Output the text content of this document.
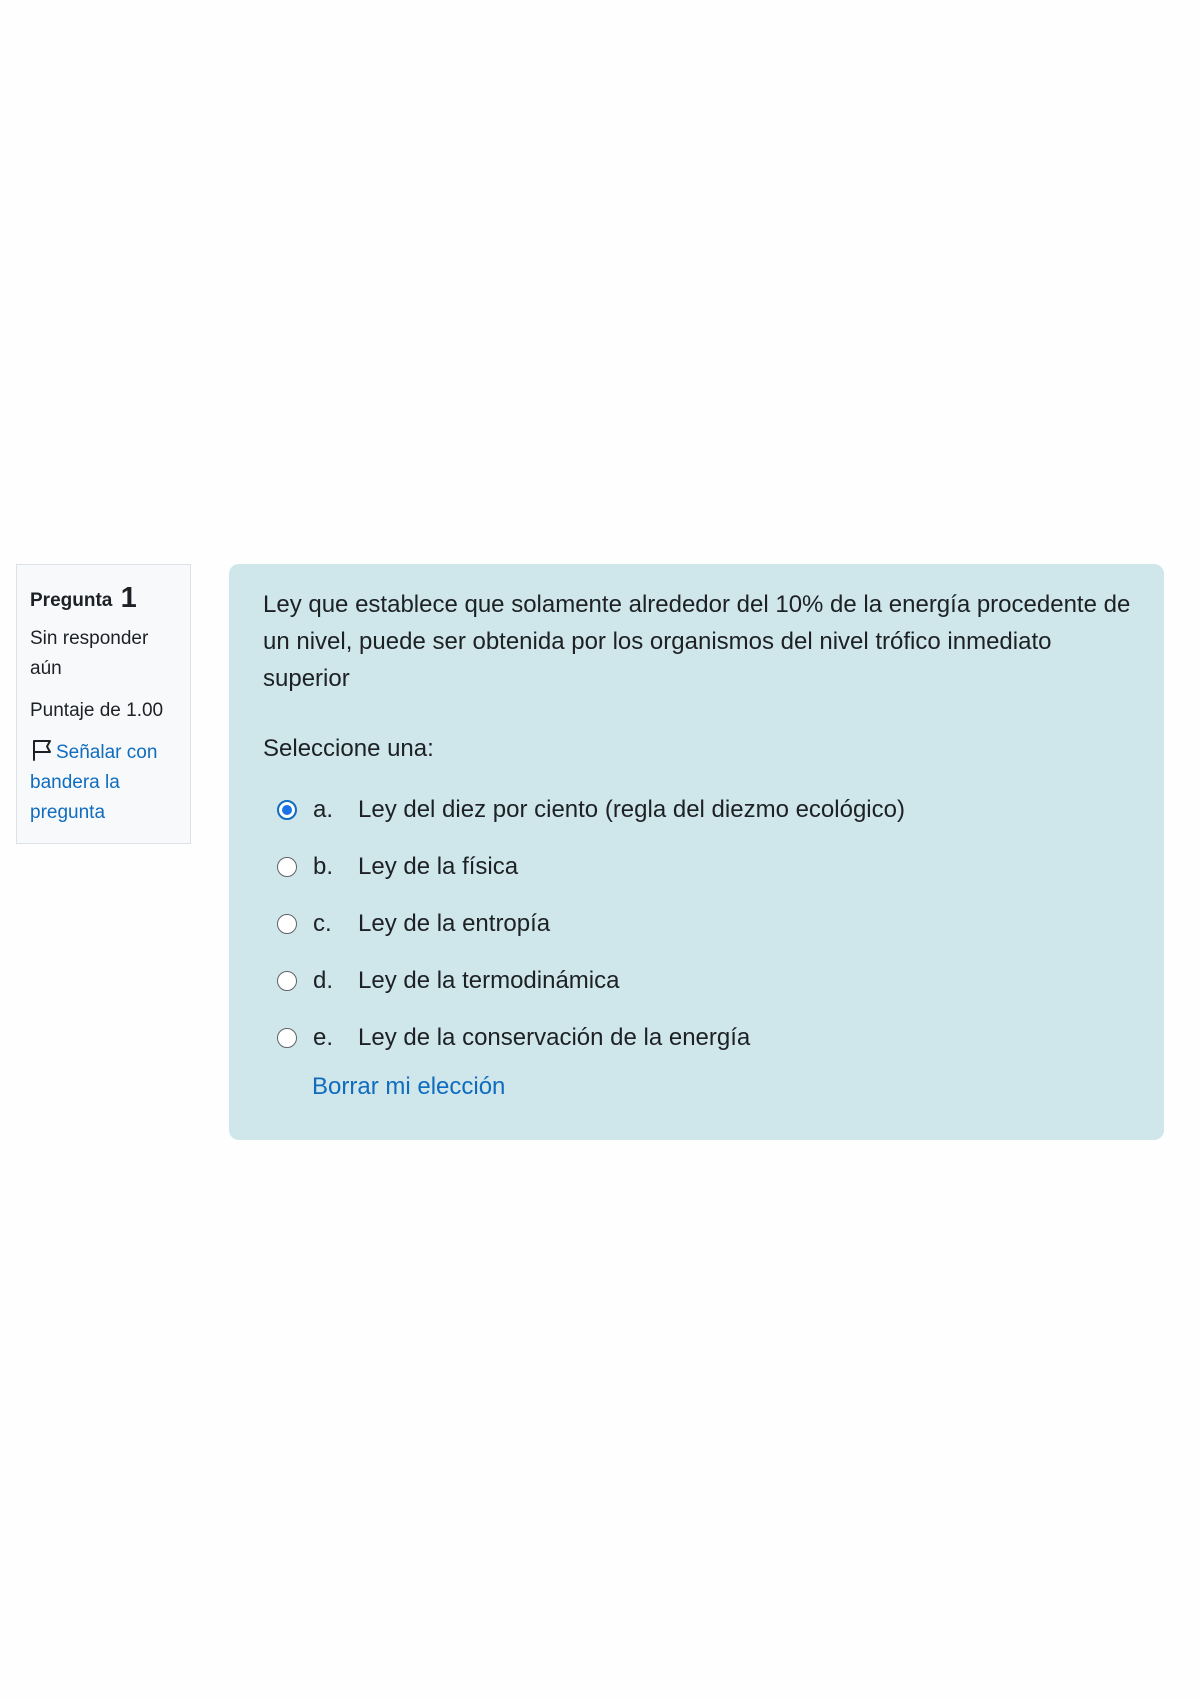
Pregunta 1
Sin responder aún
Puntaje de 1.00
Señalar con bandera la pregunta
Ley que establece que solamente alrededor del 10% de la energía procedente de un nivel, puede ser obtenida por los organismos del nivel trófico inmediato superior
Seleccione una:
a.	Ley del diez por ciento (regla del diezmo ecológico)
b.	Ley de la física
c.	Ley de la entropía
d.	Ley de la termodinámica
e.	Ley de la conservación de la energía
Borrar mi elección
